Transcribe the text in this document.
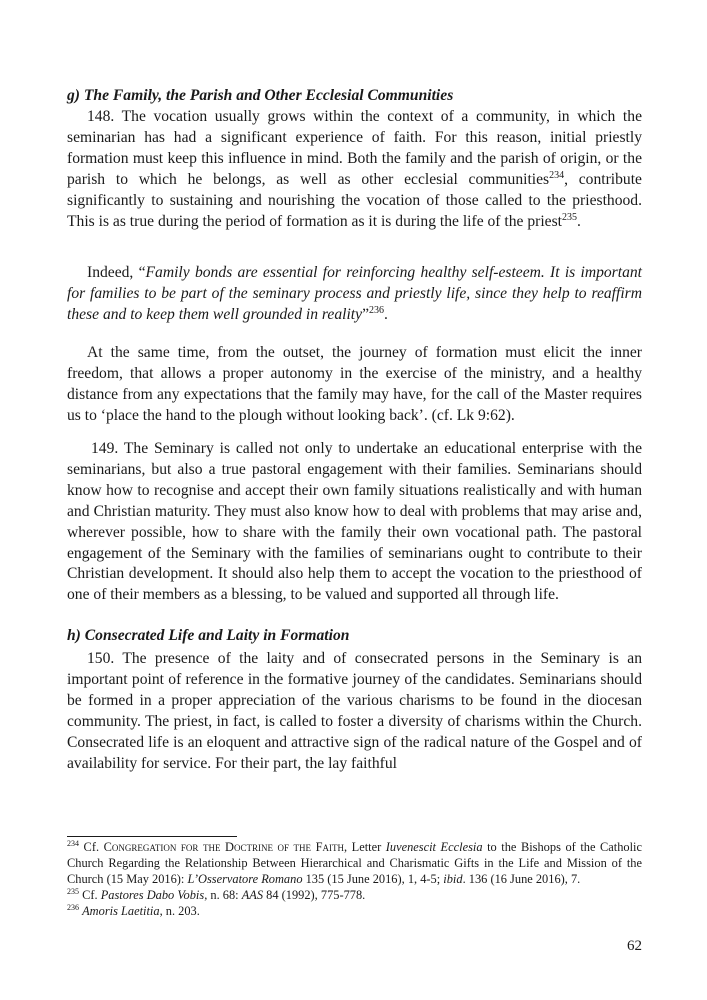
g) The Family, the Parish and Other Ecclesial Communities

148. The vocation usually grows within the context of a community, in which the seminarian has had a significant experience of faith. For this reason, initial priestly formation must keep this influence in mind. Both the family and the parish of origin, or the parish to which he belongs, as well as other ecclesial communities$^{234}$, contribute significantly to sustaining and nourishing the vocation of those called to the priesthood. This is as true during the period of formation as it is during the life of the priest$^{235}$.

Indeed, “Family bonds are essential for reinforcing healthy self-esteem. It is important for families to be part of the seminary process and priestly life, since they help to reaffirm these and to keep them well grounded in reality”$^{236}$.

At the same time, from the outset, the journey of formation must elicit the inner freedom, that allows a proper autonomy in the exercise of the ministry, and a healthy distance from any expectations that the family may have, for the call of the Master requires us to ‘place the hand to the plough without looking back’. (cf. Lk 9:62).

149. The Seminary is called not only to undertake an educational enterprise with the seminarians, but also a true pastoral engagement with their families. Seminarians should know how to recognise and accept their own family situations realistically and with human and Christian maturity. They must also know how to deal with problems that may arise and, wherever possible, how to share with the family their own vocational path. The pastoral engagement of the Seminary with the families of seminarians ought to contribute to their Christian development. It should also help them to accept the vocation to the priesthood of one of their members as a blessing, to be valued and supported all through life.

h) Consecrated Life and Laity in Formation

150. The presence of the laity and of consecrated persons in the Seminary is an important point of reference in the formative journey of the candidates. Seminarians should be formed in a proper appreciation of the various charisms to be found in the diocesan community. The priest, in fact, is called to foster a diversity of charisms within the Church. Consecrated life is an eloquent and attractive sign of the radical nature of the Gospel and of availability for service. For their part, the lay faithful

$^{234}$ Cf. Congregation for the Doctrine of the Faith, Letter Iuvenescit Ecclesia to the Bishops of the Catholic Church Regarding the Relationship Between Hierarchical and Charismatic Gifts in the Life and Mission of the Church (15 May 2016): L’Osservatore Romano 135 (15 June 2016), 1, 4-5; ibid. 136 (16 June 2016), 7.

$^{235}$ Cf. Pastores Dabo Vobis, n. 68: AAS 84 (1992), 775-778.

$^{236}$ Amoris Laetitia, n. 203.

62
